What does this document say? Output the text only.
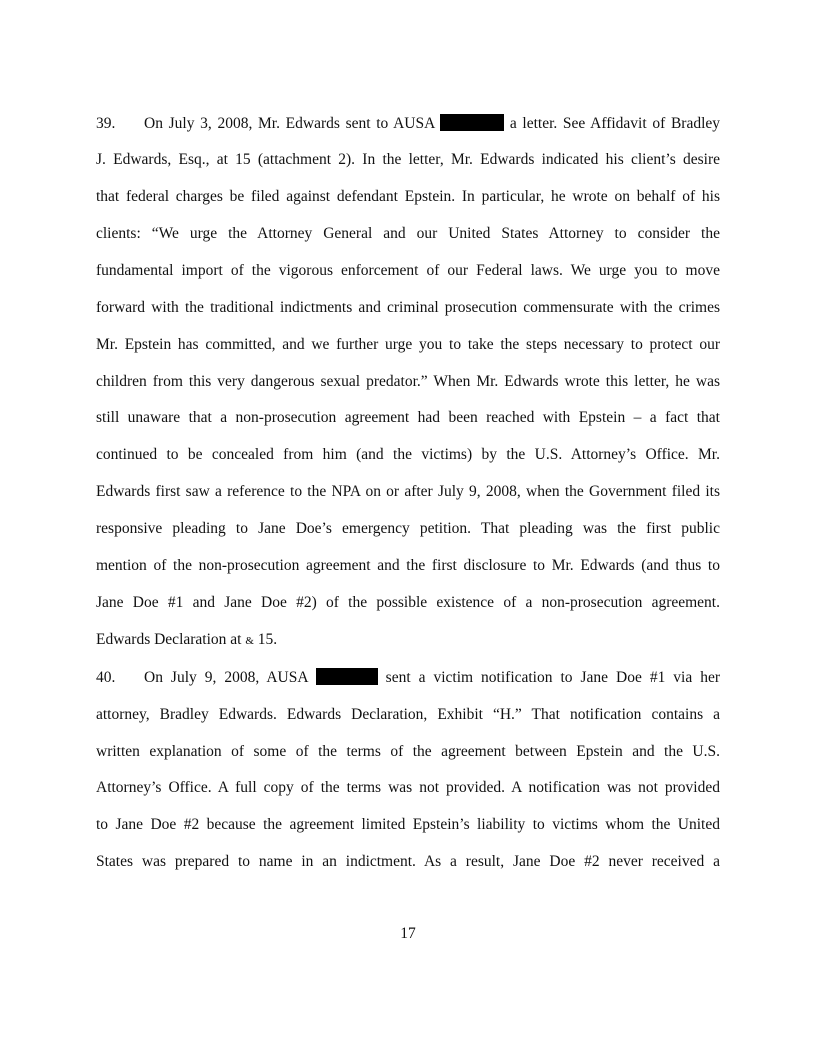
39. On July 3, 2008, Mr. Edwards sent to AUSA	a letter. See Affidavit of Bradley
J. Edwards, Esq., at 15 (attachment 2). In the letter, Mr. Edwards indicated his client’s desire
that federal charges be filed against defendant Epstein. In particular, he wrote on behalf of his
clients: “We urge the Attorney General and our United States Attorney to consider the
fundamental import of the vigorous enforcement of our Federal laws. We urge you to move
forward with the traditional indictments and criminal prosecution commensurate with the crimes
Mr. Epstein has committed, and we further urge you to take the steps necessary to protect our
children from this very dangerous sexual predator.” When Mr. Edwards wrote this letter, he was
still unaware that a non-prosecution agreement had been reached with Epstein – a fact that
continued to be concealed from him (and the victims) by the U.S. Attorney’s Office. Mr.
Edwards first saw a reference to the NPA on or after July 9, 2008, when the Government filed its
responsive pleading to Jane Doe’s emergency petition. That pleading was the first public
mention of the non-prosecution agreement and the first disclosure to Mr. Edwards (and thus to
Jane Doe #1 and Jane Doe #2) of the possible existence of a non-prosecution agreement.
Edwards Declaration at & 15.
40. On July 9, 2008, AUSA	sent a victim notification to Jane Doe #1 via her
attorney, Bradley Edwards. Edwards Declaration, Exhibit “H.” That notification contains a
written explanation of some of the terms of the agreement between Epstein and the U.S.
Attorney’s Office. A full copy of the terms was not provided. A notification was not provided
to Jane Doe #2 because the agreement limited Epstein’s liability to victims whom the United
States was prepared to name in an indictment. As a result, Jane Doe #2 never received a
17
